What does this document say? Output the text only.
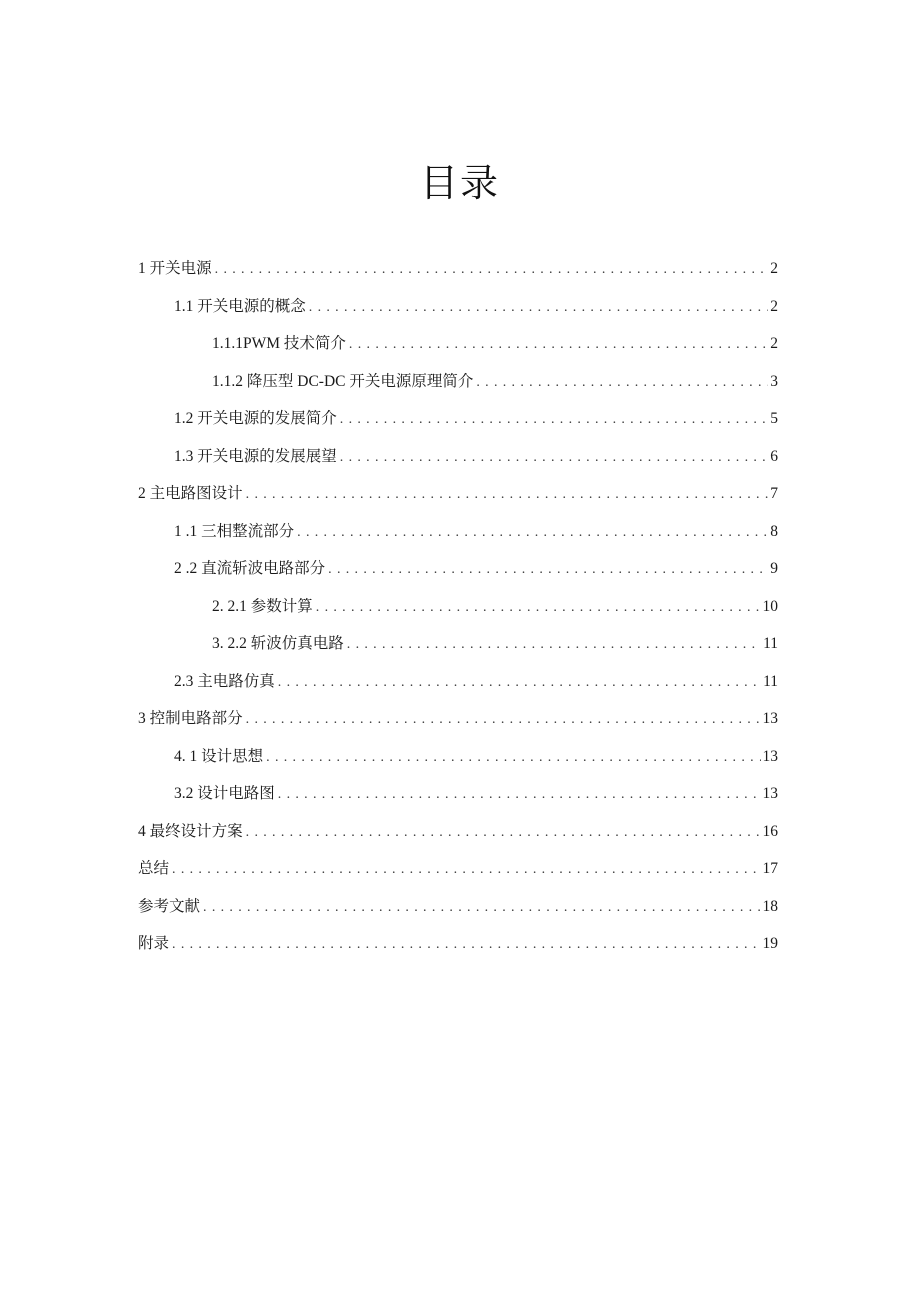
目录
1 开关电源 . . .	2
1.1 开关电源的概念 . . .	2
1.1.1PWM 技术简介 . . .	2
1.1.2 降压型 DC-DC 开关电源原理简介 . . .	3
1.2 开关电源的发展简介 . . .	5
1.3 开关电源的发展展望 . . .	6
2 主电路图设计 . . .	7
1 .1 三相整流部分 . . .	8
2 .2 直流斩波电路部分 . . .	9
2. 2.1 参数计算 . . .	10
3. 2.2 斩波仿真电路 . . .	11
2.3 主电路仿真 . . .	11
3 控制电路部分 . . .	13
4. 1 设计思想 . . .	13
3.2 设计电路图 . . .	13
4 最终设计方案 . . .	16
总结 . . .	17
参考文献 . . .	18
附录 . . .	19
